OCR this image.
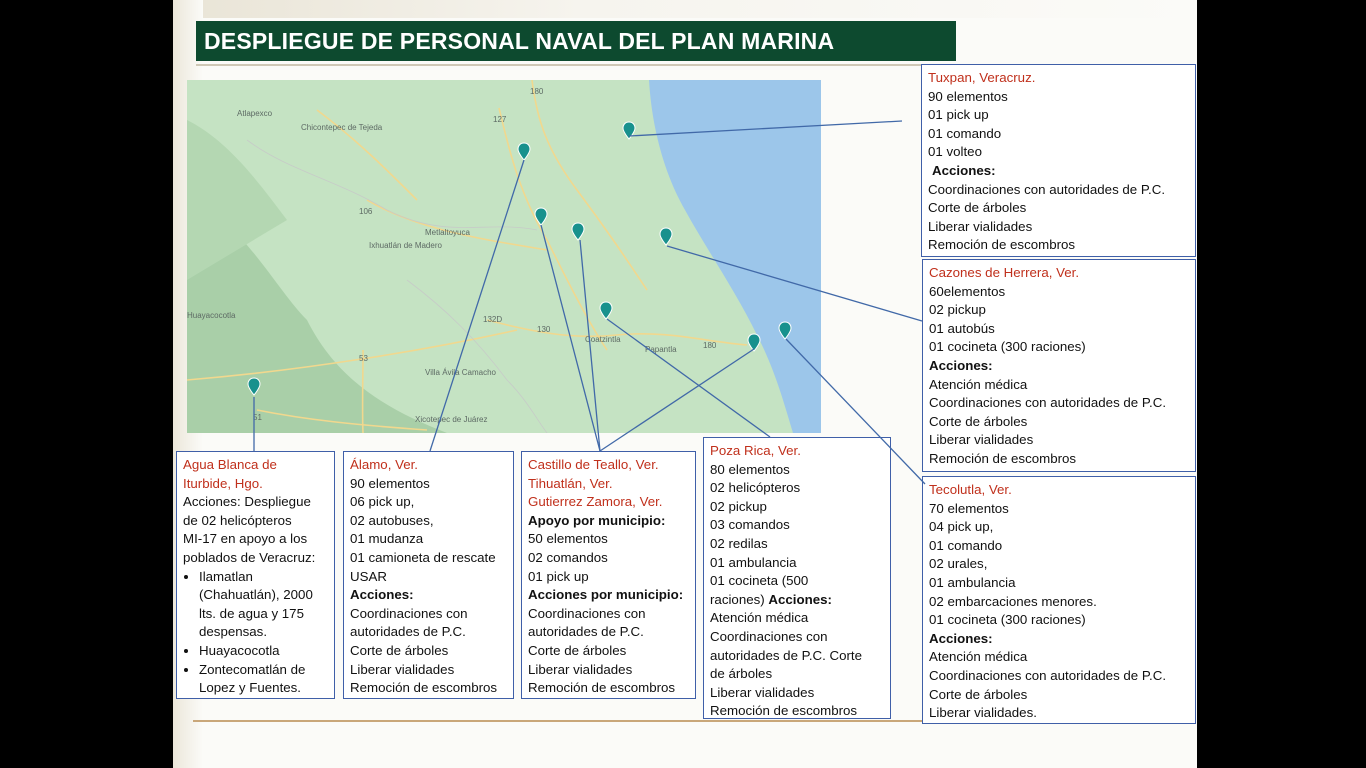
DESPLIEGUE DE PERSONAL NAVAL DEL PLAN MARINA
Atlapexco
Chicontepec de Tejeda
Ixhuatlán de Madero
Metlaltoyuca
Huayacocotla
Coatzintla
Papantla
Villa Ávila Camacho
Xicotepec de Juárez
180
127
106
130
53
132D
180
51
Tuxpan, Veracruz.
90 elementos
01 pick up
01 comando
01 volteo
Acciones:
Coordinaciones con autoridades de P.C.
Corte de árboles
Liberar vialidades
Remoción de escombros
Cazones de Herrera, Ver.
60elementos
02 pickup
01 autobús
01 cocineta (300 raciones)
Acciones:
Atención médica
Coordinaciones con autoridades de P.C.
Corte de árboles
Liberar vialidades
Remoción de escombros
Tecolutla, Ver.
70 elementos
04 pick up,
01 comando
02 urales,
01 ambulancia
02 embarcaciones menores.
01 cocineta (300 raciones)
Acciones:
Atención médica
Coordinaciones con autoridades de P.C.
Corte de árboles
Liberar vialidades.
Agua Blanca de
Iturbide, Hgo.
Acciones: Despliegue
de 02 helicópteros
MI-17 en apoyo a los
poblados de Veracruz:
• Ilamatlan (Chahuatlán), 2000 lts. de agua y 175 despensas.
• Huayacocotla
• Zontecomatlán de Lopez y Fuentes.
Álamo, Ver.
90 elementos
06 pick up,
02 autobuses,
01 mudanza
01 camioneta de rescate
USAR
Acciones:
Coordinaciones con
autoridades de P.C.
Corte de árboles
Liberar vialidades
Remoción de escombros
Castillo de Teallo, Ver.
Tihuatlán, Ver.
Gutierrez Zamora, Ver.
Apoyo por municipio:
50 elementos
02 comandos
01 pick up
Acciones por municipio:
Coordinaciones con
autoridades de P.C.
Corte de árboles
Liberar vialidades
Remoción de escombros
Poza Rica, Ver.
80 elementos
02 helicópteros
02 pickup
03 comandos
02 redilas
01 ambulancia
01 cocineta (500
raciones) Acciones:
Atención médica
Coordinaciones con
autoridades de P.C. Corte
de árboles
Liberar vialidades
Remoción de escombros
